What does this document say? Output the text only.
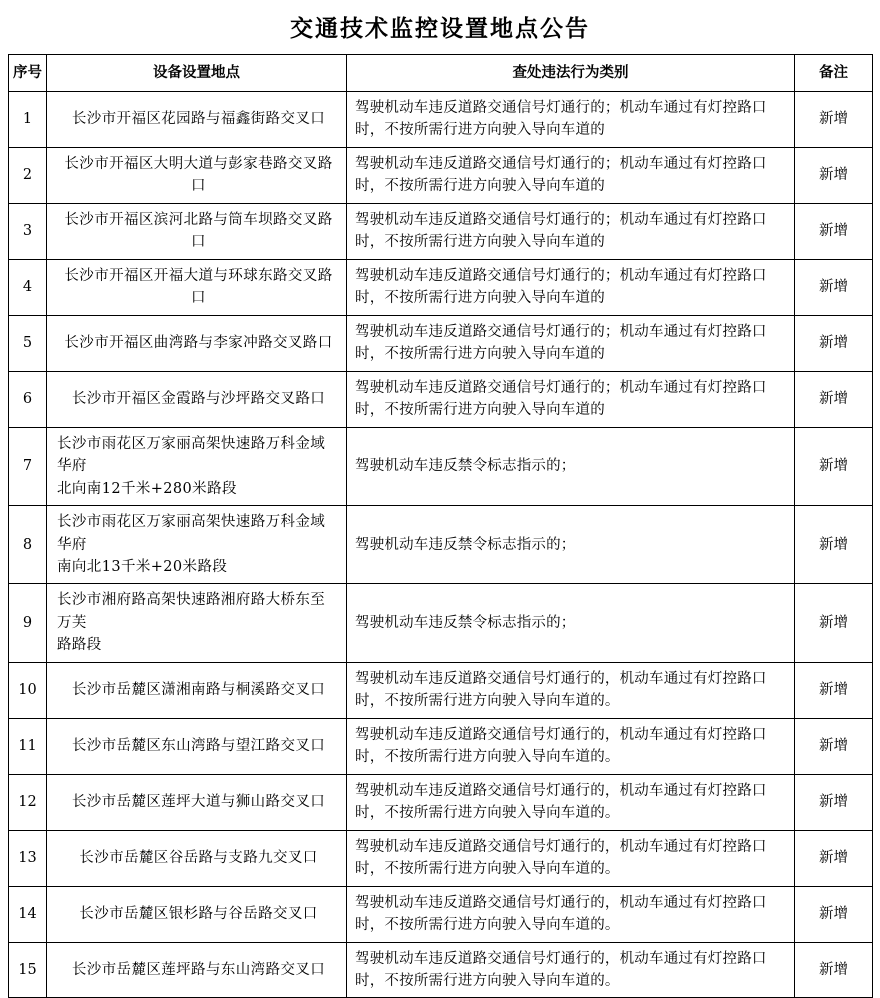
交通技术监控设置地点公告
序号	设备设置地点	查处违法行为类别	备注
1	长沙市开福区花园路与福鑫街路交叉口	驾驶机动车违反道路交通信号灯通行的；机动车通过有灯控路口
时，不按所需行进方向驶入导向车道的	新增
2	长沙市开福区大明大道与彭家巷路交叉路口	驾驶机动车违反道路交通信号灯通行的；机动车通过有灯控路口
时，不按所需行进方向驶入导向车道的	新增
3	长沙市开福区滨河北路与筒车坝路交叉路口	驾驶机动车违反道路交通信号灯通行的；机动车通过有灯控路口
时，不按所需行进方向驶入导向车道的	新增
4	长沙市开福区开福大道与环球东路交叉路口	驾驶机动车违反道路交通信号灯通行的；机动车通过有灯控路口
时，不按所需行进方向驶入导向车道的	新增
5	长沙市开福区曲湾路与李家冲路交叉路口	驾驶机动车违反道路交通信号灯通行的；机动车通过有灯控路口
时，不按所需行进方向驶入导向车道的	新增
6	长沙市开福区金霞路与沙坪路交叉路口	驾驶机动车违反道路交通信号灯通行的；机动车通过有灯控路口
时，不按所需行进方向驶入导向车道的	新增
7	长沙市雨花区万家丽高架快速路万科金域华府
北向南12千米+280米路段	驾驶机动车违反禁令标志指示的；	新增
8	长沙市雨花区万家丽高架快速路万科金域华府
南向北13千米+20米路段	驾驶机动车违反禁令标志指示的；	新增
9	长沙市湘府路高架快速路湘府路大桥东至万芙
路路段	驾驶机动车违反禁令标志指示的；	新增
10	长沙市岳麓区潇湘南路与桐溪路交叉口	驾驶机动车违反道路交通信号灯通行的，机动车通过有灯控路口
时，不按所需行进方向驶入导向车道的。	新增
11	长沙市岳麓区东山湾路与望江路交叉口	驾驶机动车违反道路交通信号灯通行的，机动车通过有灯控路口
时，不按所需行进方向驶入导向车道的。	新增
12	长沙市岳麓区莲坪大道与狮山路交叉口	驾驶机动车违反道路交通信号灯通行的，机动车通过有灯控路口
时，不按所需行进方向驶入导向车道的。	新增
13	长沙市岳麓区谷岳路与支路九交叉口	驾驶机动车违反道路交通信号灯通行的，机动车通过有灯控路口
时，不按所需行进方向驶入导向车道的。	新增
14	长沙市岳麓区银杉路与谷岳路交叉口	驾驶机动车违反道路交通信号灯通行的，机动车通过有灯控路口
时，不按所需行进方向驶入导向车道的。	新增
15	长沙市岳麓区莲坪路与东山湾路交叉口	驾驶机动车违反道路交通信号灯通行的，机动车通过有灯控路口
时，不按所需行进方向驶入导向车道的。	新增
